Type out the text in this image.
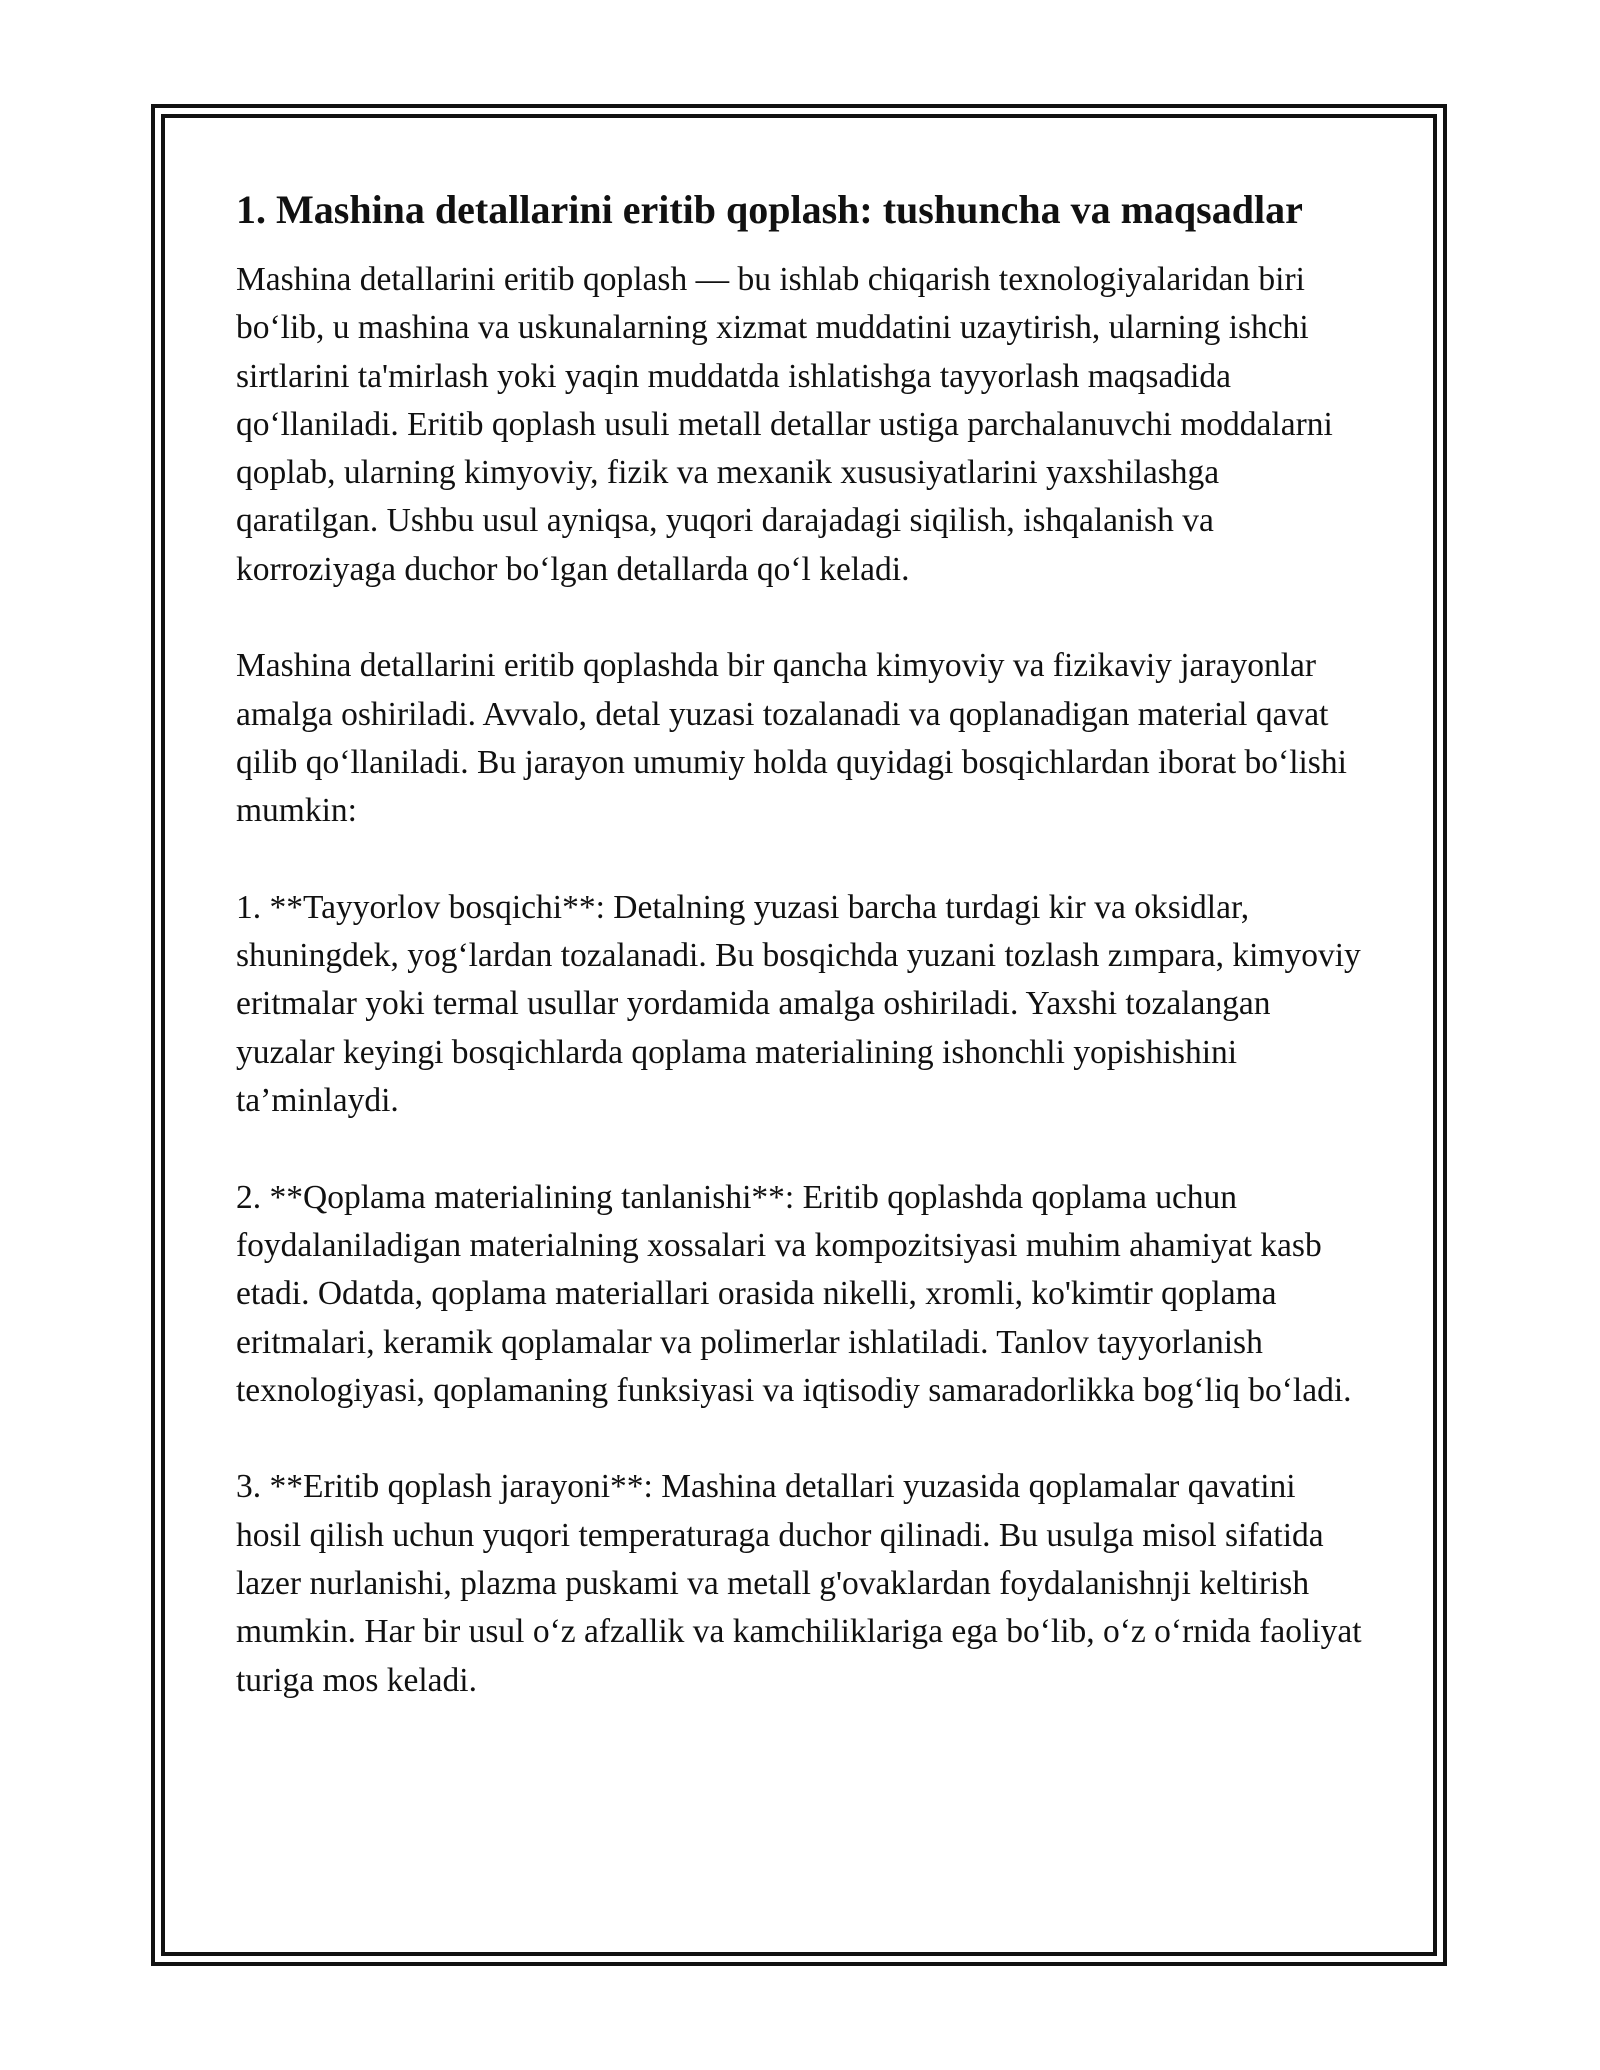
1. Mashina detallarini eritib qoplash: tushuncha va maqsadlar

Mashina detallarini eritib qoplash — bu ishlab chiqarish texnologiyalaridan biri bo‘lib, u mashina va uskunalarning xizmat muddatini uzaytirish, ularning ishchi sirtlarini ta'mirlash yoki yaqin muddatda ishlatishga tayyorlash maqsadida qo‘llaniladi. Eritib qoplash usuli metall detallar ustiga parchalanuvchi moddalarni qoplab, ularning kimyoviy, fizik va mexanik xususiyatlarini yaxshilashga qaratilgan. Ushbu usul ayniqsa, yuqori darajadagi siqilish, ishqalanish va korroziyaga duchor bo‘lgan detallarda qo‘l keladi.

Mashina detallarini eritib qoplashda bir qancha kimyoviy va fizikaviy jarayonlar amalga oshiriladi. Avvalo, detal yuzasi tozalanadi va qoplanadigan material qavat qilib qo‘llaniladi. Bu jarayon umumiy holda quyidagi bosqichlardan iborat bo‘lishi mumkin:

1. **Tayyorlov bosqichi**: Detalning yuzasi barcha turdagi kir va oksidlar, shuningdek, yog‘lardan tozalanadi. Bu bosqichda yuzani tozlash zımpara, kimyoviy eritmalar yoki termal usullar yordamida amalga oshiriladi. Yaxshi tozalangan yuzalar keyingi bosqichlarda qoplama materialining ishonchli yopishishini ta’minlaydi.

2. **Qoplama materialining tanlanishi**: Eritib qoplashda qoplama uchun foydalaniladigan materialning xossalari va kompozitsiyasi muhim ahamiyat kasb etadi. Odatda, qoplama materiallari orasida nikelli, xromli, ko'kimtir qoplama eritmalari, keramik qoplamalar va polimerlar ishlatiladi. Tanlov tayyorlanish texnologiyasi, qoplamaning funksiyasi va iqtisodiy samaradorlikka bog‘liq bo‘ladi.

3. **Eritib qoplash jarayoni**: Mashina detallari yuzasida qoplamalar qavatini hosil qilish uchun yuqori temperaturaga duchor qilinadi. Bu usulga misol sifatida lazer nurlanishi, plazma puskami va metall g'ovaklardan foydalanishnji keltirish mumkin. Har bir usul o‘z afzallik va kamchiliklariga ega bo‘lib, o‘z o‘rnida faoliyat turiga mos keladi.
